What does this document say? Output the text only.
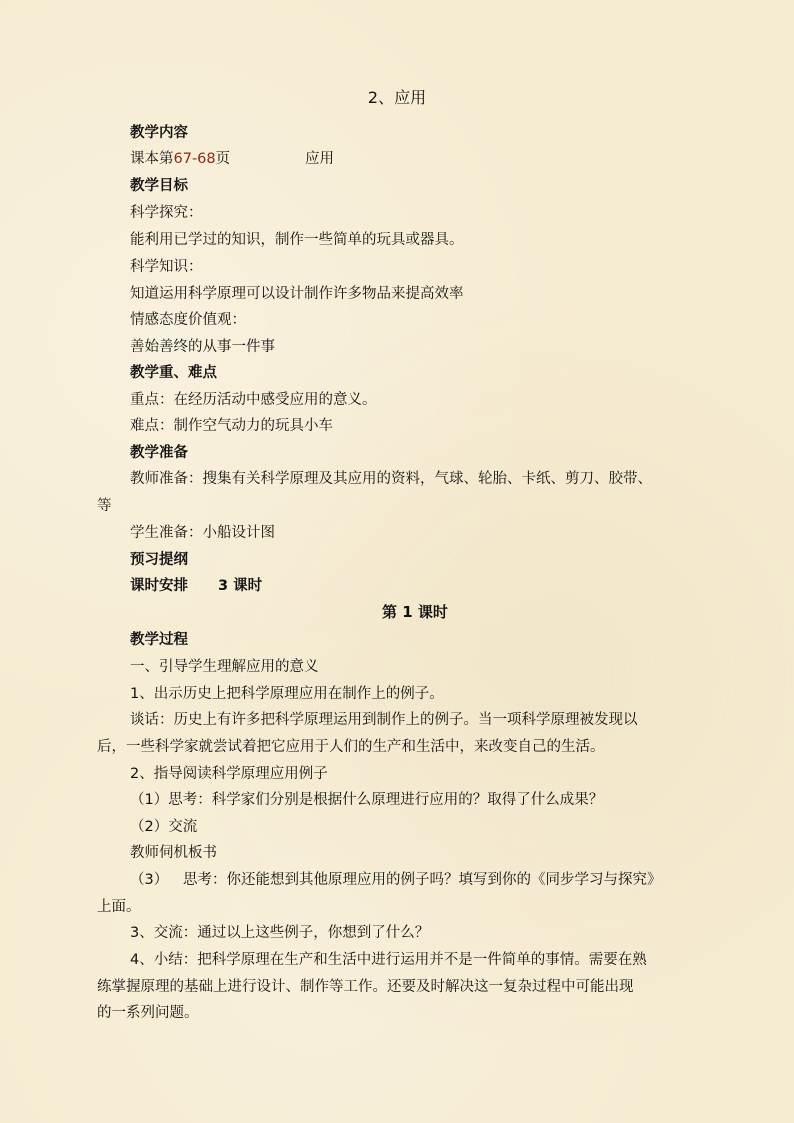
2、应用
教学内容
课本第67-68页	应用
教学目标
科学探究：
能利用已学过的知识，制作一些简单的玩具或器具。
科学知识：
知道运用科学原理可以设计制作许多物品来提高效率
情感态度价值观：
善始善终的从事一件事
教学重、难点
重点：在经历活动中感受应用的意义。
难点：制作空气动力的玩具小车
教学准备
教师准备：搜集有关科学原理及其应用的资料，气球、轮胎、卡纸、剪刀、胶带、
等
学生准备：小船设计图
预习提纲
课时安排 3 课时
第 1 课时
教学过程
一、引导学生理解应用的意义
1、出示历史上把科学原理应用在制作上的例子。
谈话：历史上有许多把科学原理运用到制作上的例子。当一项科学原理被发现以
后，一些科学家就尝试着把它应用于人们的生产和生活中，来改变自己的生活。
2、指导阅读科学原理应用例子
（1）思考：科学家们分别是根据什么原理进行应用的？取得了什么成果？
（2）交流
教师伺机板书
（3） 思考：你还能想到其他原理应用的例子吗？填写到你的《同步学习与探究》
上面。
3、交流：通过以上这些例子，你想到了什么？
4、小结：把科学原理在生产和生活中进行运用并不是一件简单的事情。需要在熟
练掌握原理的基础上进行设计、制作等工作。还要及时解决这一复杂过程中可能出现
的一系列问题。
